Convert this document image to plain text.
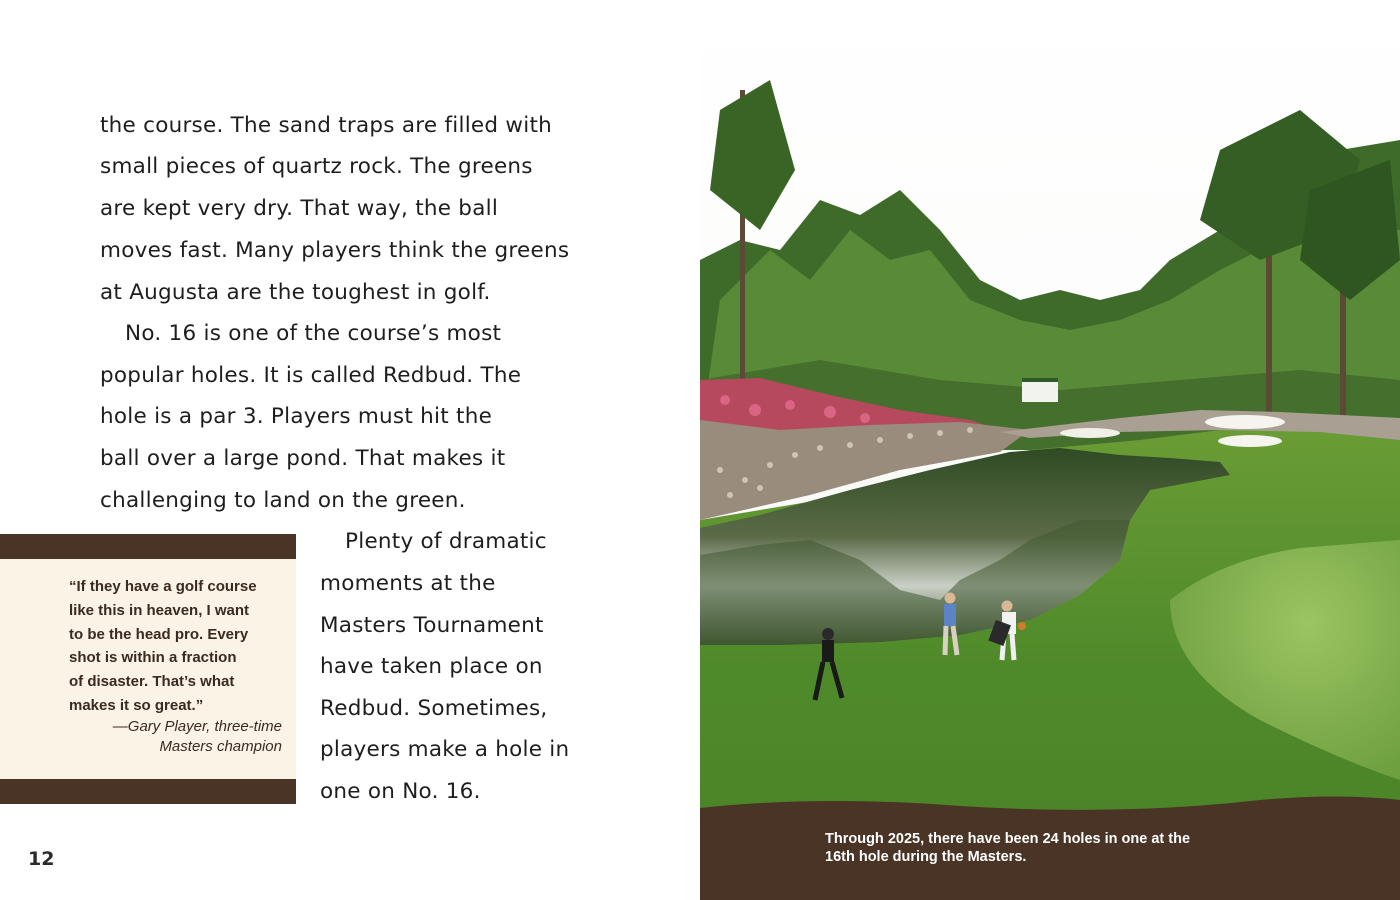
the course. The sand traps are filled with

small pieces of quartz rock. The greens

are kept very dry. That way, the ball

moves fast. Many players think the greens

at Augusta are the toughest in golf.

No. 16 is one of the course’s most

popular holes. It is called Redbud. The

hole is a par 3. Players must hit the

ball over a large pond. That makes it

challenging to land on the green.

Plenty of dramatic

moments at the

Masters Tournament

have taken place on

Redbud. Sometimes,

players make a hole in

one on No. 16.

“If they have a golf course
like this in heaven, I want
to be the head pro. Every
shot is within a fraction
of disaster. That’s what
makes it so great.”

—Gary Player, three-time
Masters champion

12

Through 2025, there have been 24 holes in one at the
16th hole during the Masters.
